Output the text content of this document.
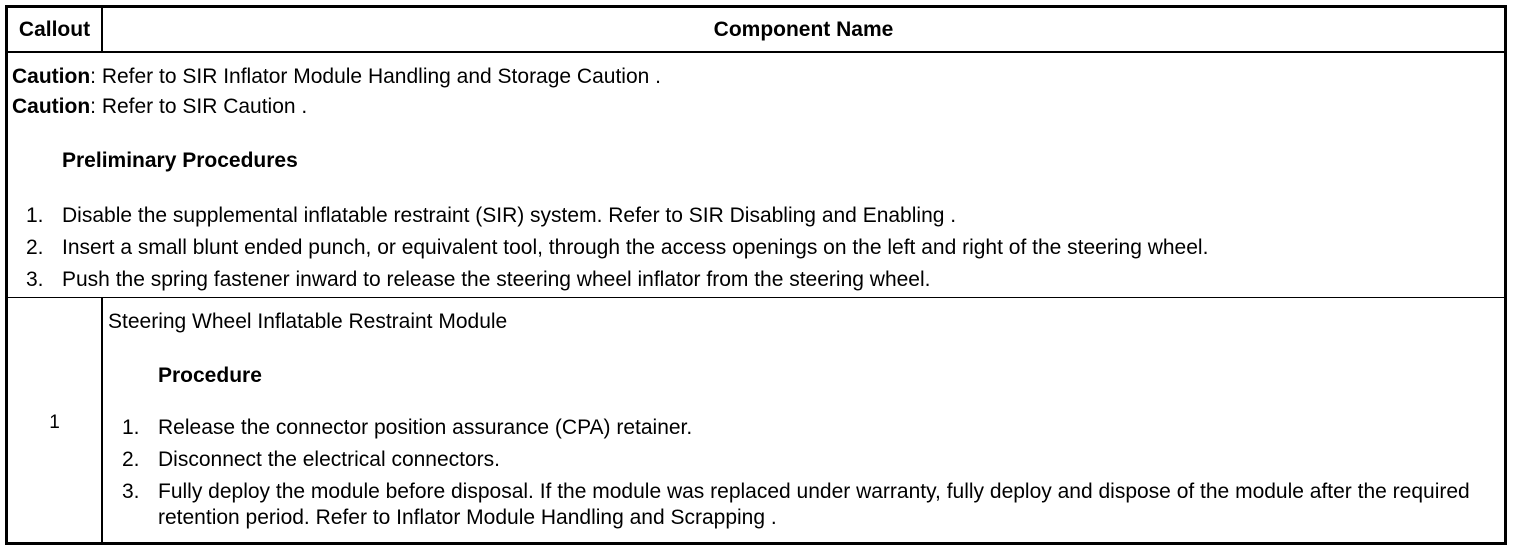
Callout	Component Name
Caution: Refer to SIR Inflator Module Handling and Storage Caution .
Caution: Refer to SIR Caution .
Preliminary Procedures
1. Disable the supplemental inflatable restraint (SIR) system. Refer to SIR Disabling and Enabling .
2. Insert a small blunt ended punch, or equivalent tool, through the access openings on the left and right of the steering wheel.
3. Push the spring fastener inward to release the steering wheel inflator from the steering wheel.
1
Steering Wheel Inflatable Restraint Module
Procedure
1. Release the connector position assurance (CPA) retainer.
2. Disconnect the electrical connectors.
3. Fully deploy the module before disposal. If the module was replaced under warranty, fully deploy and dispose of the module after the required retention period. Refer to Inflator Module Handling and Scrapping .
